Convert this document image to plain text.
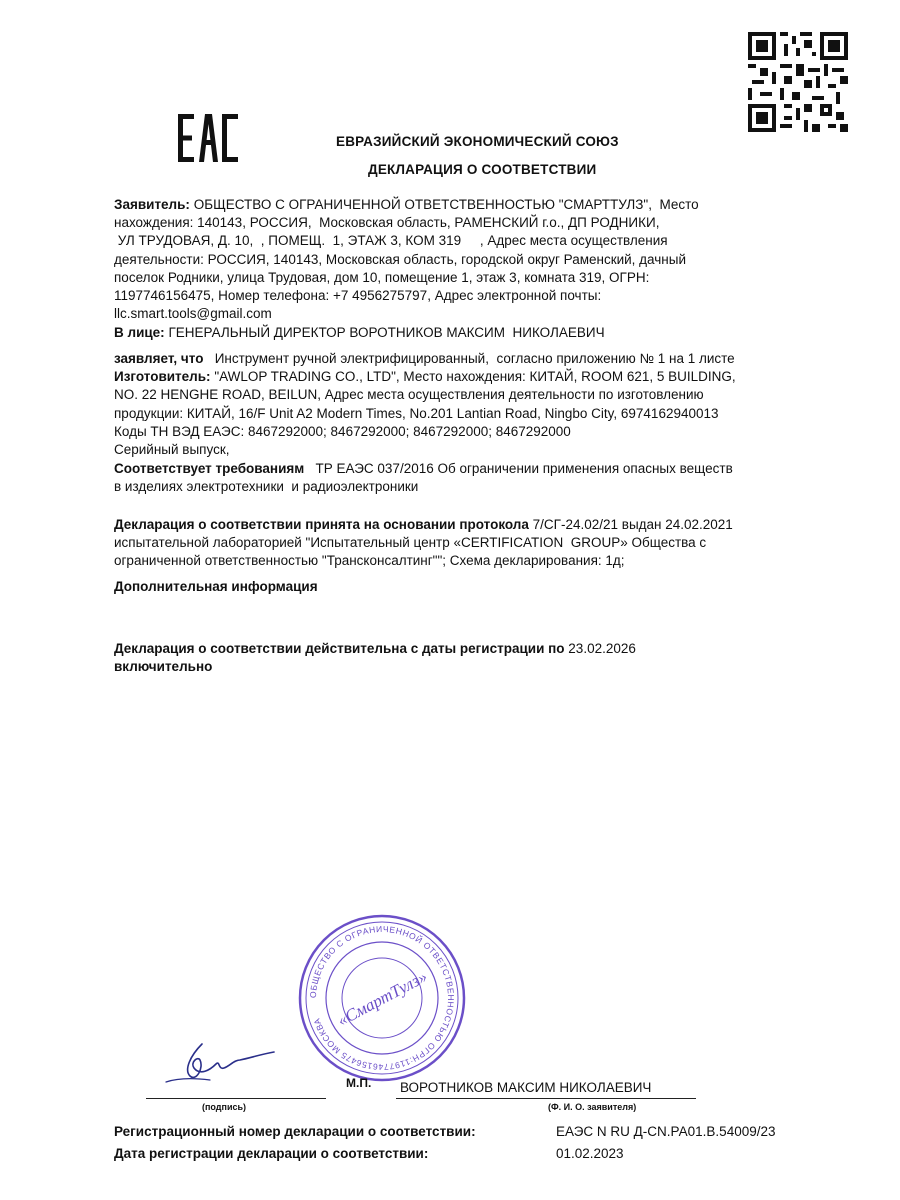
ЕВРАЗИЙСКИЙ ЭКОНОМИЧЕСКИЙ СОЮЗ
ДЕКЛАРАЦИЯ О СООТВЕТСТВИИ
Заявитель: ОБЩЕСТВО С ОГРАНИЧЕННОЙ ОТВЕТСТВЕННОСТЬЮ "СМАРТТУЛЗ",  Место
нахождения: 140143, РОССИЯ,  Московская область, РАМЕНСКИЙ г.о., ДП РОДНИКИ,
УЛ ТРУДОВАЯ, Д. 10,  , ПОМЕЩ.  1, ЭТАЖ 3, КОМ 319     , Адрес места осуществления
деятельности: РОССИЯ, 140143, Московская область, городской округ Раменский, дачный
поселок Родники, улица Трудовая, дом 10, помещение 1, этаж 3, комната 319, ОГРН:
1197746156475, Номер телефона: +7 4956275797, Адрес электронной почты:
llc.smart.tools@gmail.com
В лице: ГЕНЕРАЛЬНЫЙ ДИРЕКТОР ВОРОТНИКОВ МАКСИМ  НИКОЛАЕВИЧ
заявляет, что Инструмент ручной электрифицированный,  согласно приложению № 1 на 1 листе
Изготовитель: "AWLOP TRADING CO., LTD", Место нахождения: КИТАЙ, ROOM 621, 5 BUILDING,
NO. 22 HENGHE ROAD, BEILUN, Адрес места осуществления деятельности по изготовлению
продукции: КИТАЙ, 16/F Unit A2 Modern Times, No.201 Lantian Road, Ningbo City, 6974162940013
Коды ТН ВЭД ЕАЭС: 8467292000; 8467292000; 8467292000; 8467292000
Серийный выпуск,
Соответствует требованиям ТР ЕАЭС 037/2016 Об ограничении применения опасных веществ
в изделиях электротехники  и радиоэлектроники
Декларация о соответствии принята на основании протокола 7/СГ-24.02/21 выдан 24.02.2021
испытательной лабораторией "Испытательный центр «CERTIFICATION  GROUP» Общества с
ограниченной ответственностью "Трансконсалтинг""; Схема декларирования: 1д;
Дополнительная информация
Декларация о соответствии действительна с даты регистрации по 23.02.2026
включительно
ОБЩЕСТВО С ОГРАНИЧЕННОЙ ОТВЕТСТВЕННОСТЬЮ ОГРН:1197746156475 МОСКВА «СмартТулз»
М.П. ВОРОТНИКОВ МАКСИМ НИКОЛАЕВИЧ
(подпись)	(Ф. И. О. заявителя)
Регистрационный номер декларации о соответствии:	ЕАЭС N RU Д-CN.РА01.В.54009/23
Дата регистрации декларации о соответствии:	01.02.2023
